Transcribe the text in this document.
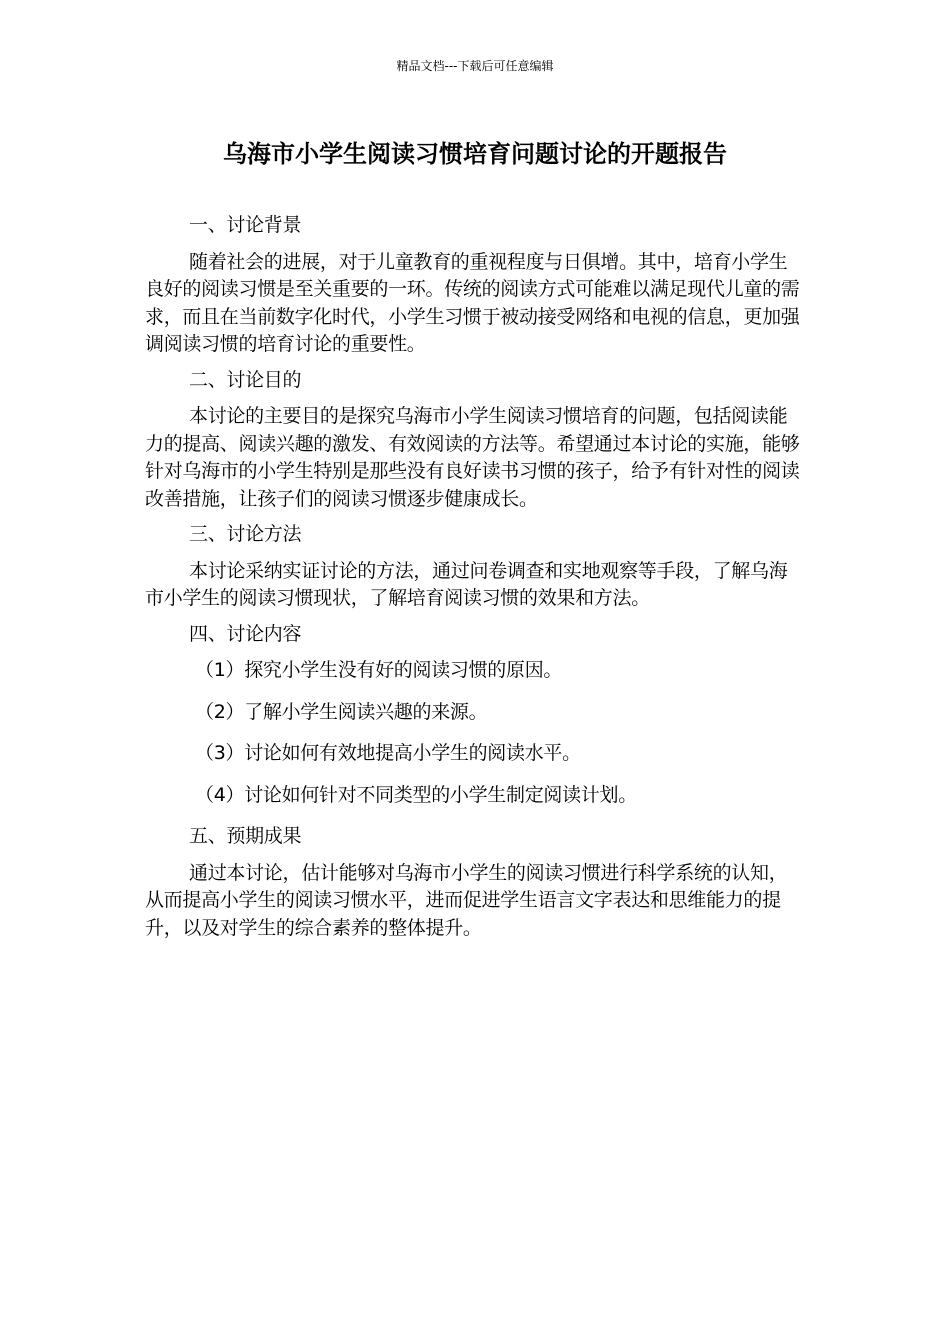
精品文档---下载后可任意编辑
乌海市小学生阅读习惯培育问题讨论的开题报告

一、讨论背景

随着社会的进展，对于儿童教育的重视程度与日俱增。其中，培育小学生良好的阅读习惯是至关重要的一环。传统的阅读方式可能难以满足现代儿童的需求，而且在当前数字化时代，小学生习惯于被动接受网络和电视的信息，更加强调阅读习惯的培育讨论的重要性。

二、讨论目的

本讨论的主要目的是探究乌海市小学生阅读习惯培育的问题，包括阅读能力的提高、阅读兴趣的激发、有效阅读的方法等。希望通过本讨论的实施，能够针对乌海市的小学生特别是那些没有良好读书习惯的孩子，给予有针对性的阅读改善措施，让孩子们的阅读习惯逐步健康成长。

三、讨论方法

本讨论采纳实证讨论的方法，通过问卷调查和实地观察等手段，了解乌海市小学生的阅读习惯现状，了解培育阅读习惯的效果和方法。

四、讨论内容

（1）探究小学生没有好的阅读习惯的原因。

（2）了解小学生阅读兴趣的来源。

（3）讨论如何有效地提高小学生的阅读水平。

（4）讨论如何针对不同类型的小学生制定阅读计划。

五、预期成果

通过本讨论，估计能够对乌海市小学生的阅读习惯进行科学系统的认知，从而提高小学生的阅读习惯水平，进而促进学生语言文字表达和思维能力的提升，以及对学生的综合素养的整体提升。
